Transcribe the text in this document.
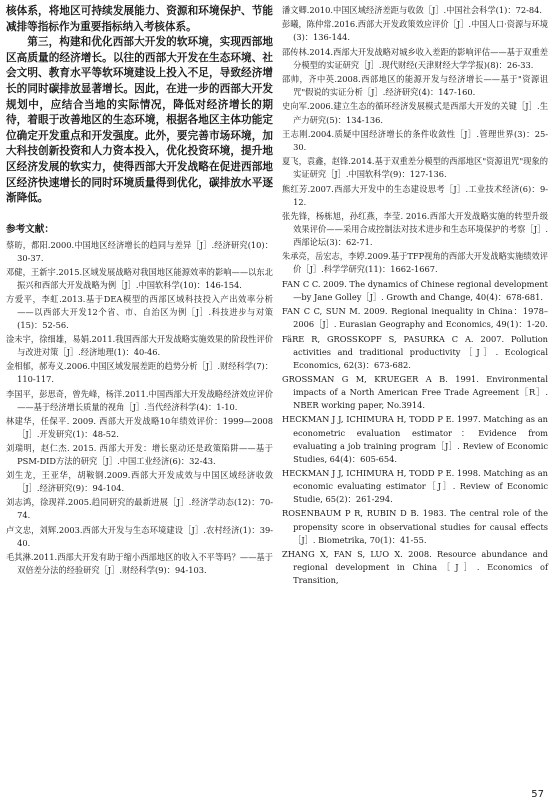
核体系，将地区可持续发展能力、资源和环境保护、节能减排等指标作为重要指标纳入考核体系。

第三，构建和优化西部大开发的软环境，实现西部地区高质量的经济增长。以往的西部大开发在生态环境、社会文明、教育水平等软环境建设上投入不足，导致经济增长的同时碳排放显著增长。因此，在进一步的西部大开发规划中，应结合当地的实际情况，降低对经济增长的期待，着眼于改善地区的生态环境，根据各地区主体功能定位确定开发重点和开发强度。此外，要完善市场环境，加大科技创新投资和人力资本投入，优化投资环境，提升地区经济发展的软实力，使得西部大开发战略在促进西部地区经济快速增长的同时环境质量得到优化，碳排放水平逐渐降低。

参考文献：

蔡昉，都阳.2000.中国地区经济增长的趋同与差异［J］.经济研究(10)：30-37.

邓健，王新宇.2015.区域发展战略对我国地区能源效率的影响——以东北振兴和西部大开发战略为例［J］.中国软科学(10)：146-154.

方爱平，李虹.2013.基于DEA模型的西部区域科技投入产出效率分析——以西部大开发12个省、市、自治区为例［J］.科技进步与对策(15)：52-56.

淦未宇，徐细雄，易娟.2011.我国西部大开发战略实施效果的阶段性评价与改进对策［J］.经济地理(1)：40-46.

金相郁，郝寿义.2006.中国区域发展差距的趋势分析［J］.财经科学(7)：110-117.

李国平，彭思奇，曾先峰，杨洋.2011.中国西部大开发战略经济效应评价——基于经济增长质量的视角［J］.当代经济科学(4)：1-10.

林建华，任保平. 2009. 西部大开发战略10年绩效评价：1999—2008［J］.开发研究(1)：48-52.

刘瑞明，赵仁杰. 2015. 西部大开发：增长驱动还是政策陷阱——基于PSM-DID方法的研究［J］.中国工业经济(6)：32-43.

刘生龙，王亚华，胡鞍钢.2009.西部大开发成效与中国区域经济收敛［J］.经济研究(9)：94-104.

刘志鸿，徐现祥.2005.趋同研究的最新进展［J］.经济学动态(12)：70-74.

卢文忠，刘辉.2003.西部大开发与生态环境建设［J］.农村经济(1)：39-40.

毛其淋.2011.西部大开发有助于缩小西部地区的收入不平等吗？——基于双倍差分法的经验研究［J］.财经科学(9)：94-103.

潘文卿.2010.中国区域经济差距与收敛［J］.中国社会科学(1)：72-84.

彭曦，陈仲常.2016.西部大开发政策效应评价［J］.中国人口·资源与环境(3)：136-144.

邵传林.2014.西部大开发战略对城乡收入差距的影响评估——基于双重差分模型的实证研究［J］.现代财经(天津财经大学学报)(8)：26-33.

邵帅，齐中英.2008.西部地区的能源开发与经济增长——基于"资源诅咒"假说的实证分析［J］.经济研究(4)：147-160.

史向军.2006.建立生态的循环经济发展模式是西部大开发的关键［J］.生产力研究(5)：134-136.

王志刚.2004.质疑中国经济增长的条件收敛性［J］.管理世界(3)：25-30.

夏飞，袁鑫，赵锋.2014.基于双重差分模型的西部地区"资源诅咒"现象的实证研究［J］.中国软科学(9)：127-136.

熊红芳.2007.西部大开发中的生态建设思考［J］.工业技术经济(6)：9-12.

张先锋，杨栋旭，孙红燕，李莹. 2016.西部大开发战略实施的转型升级效果评价——采用合成控制法对技术进步和生态环境保护的考察［J］.西部论坛(3)：62-71.

朱承亮，岳宏志，李婷.2009.基于TFP视角的西部大开发战略实施绩效评价［J］.科学学研究(11)：1662-1667.

FAN C C. 2009. The dynamics of Chinese regional development—by Jane Golley［J］. Growth and Change, 40(4)：678-681.

FAN C C, SUN M. 2009. Regional inequality in China：1978–2006［J］. Eurasian Geography and Economics, 49(1)：1-20.

FäRE R, GROSSKOPF S, PASURKA C A. 2007. Pollution activities and traditional productivity［J］. Ecological Economics, 62(3)：673-682.

GROSSMAN G M, KRUEGER A B. 1991. Environmental impacts of a North American Free Trade Agreement［R］. NBER working paper, No.3914.

HECKMAN J J, ICHIMURA H, TODD P E. 1997. Matching as an econometric evaluation estimator：Evidence from evaluating a job training program［J］. Review of Economic Studies, 64(4)：605-654.

HECKMAN J J, ICHIMURA H, TODD P E. 1998. Matching as an economic evaluating estimator［J］. Review of Economic Studie, 65(2)：261-294.

ROSENBAUM P R, RUBIN D B. 1983. The central role of the propensity score in observational studies for causal effects［J］. Biometrika, 70(1)：41-55.

ZHANG X, FAN S, LUO X. 2008. Resource abundance and regional development in China［J］. Economics of Transition,

57
